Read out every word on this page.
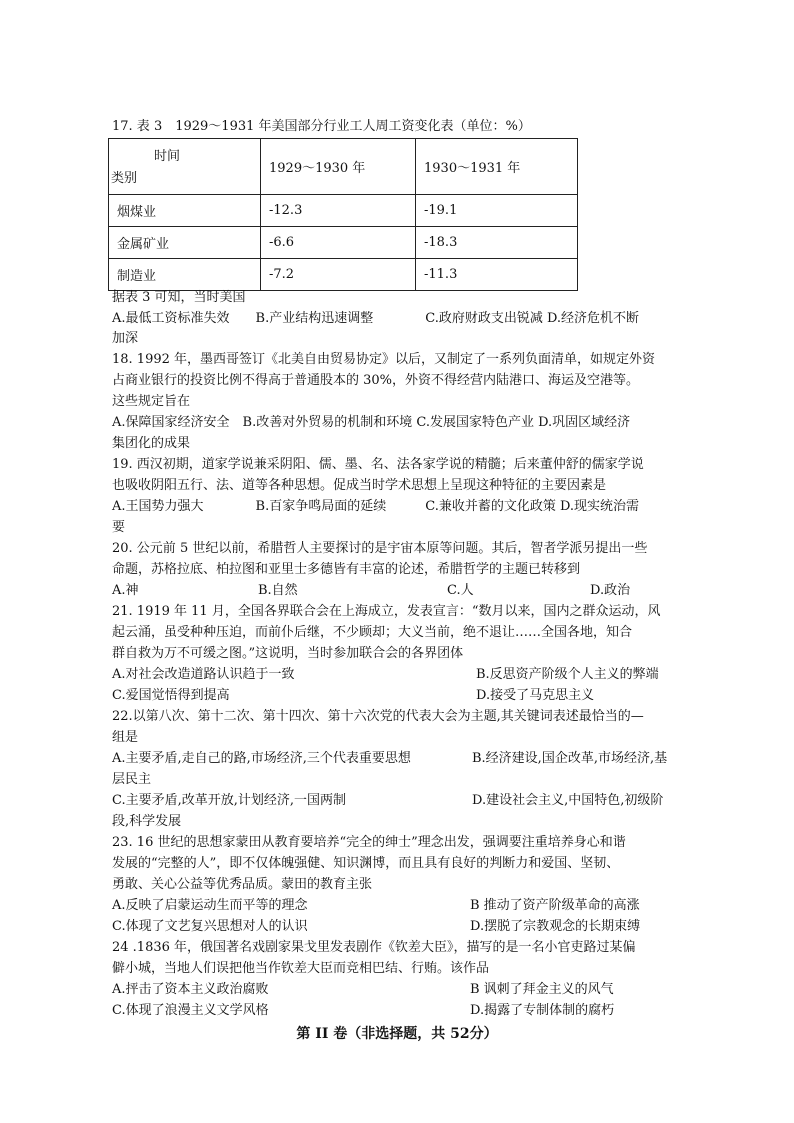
17. 表 3　1929～1931 年美国部分行业工人周工资变化表（单位：%）
时间
类别	1929～1930 年	1930～1931 年
烟煤业	-12.3	-19.1
金属矿业	-6.6	-18.3
制造业	-7.2	-11.3
据表 3 可知，当时美国
A.最低工资标准失效　　B.产业结构迅速调整　　　　C.政府财政支出锐减 D.经济危机不断
加深
18. 1992 年，墨西哥签订《北美自由贸易协定》以后，又制定了一系列负面清单，如规定外资
占商业银行的投资比例不得高于普通股本的 30%，外资不得经营内陆港口、海运及空港等。
这些规定旨在
A.保障国家经济安全　B.改善对外贸易的机制和环境 C.发展国家特色产业 D.巩固区域经济
集团化的成果
19. 西汉初期，道家学说兼采阴阳、儒、墨、名、法各家学说的精髓；后来董仲舒的儒家学说
也吸收阴阳五行、法、道等各种思想。促成当时学术思想上呈现这种特征的主要因素是
A.王国势力强大　　　　B.百家争鸣局面的延续　　　C.兼收并蓄的文化政策 D.现实统治需
要
20. 公元前 5 世纪以前，希腊哲人主要探讨的是宇宙本原等问题。其后，智者学派另提出一些
命题，苏格拉底、柏拉图和亚里士多德皆有丰富的论述，希腊哲学的主题已转移到
A.神	B.自然	C.人	D.政治
21. 1919 年 11 月，全国各界联合会在上海成立，发表宣言：“数月以来，国内之群众运动，风
起云涌，虽受种种压迫，而前仆后继，不少顾却；大义当前，绝不退让……全国各地，知合
群自救为万不可缓之图。”这说明，当时参加联合会的各界团体
A.对社会改造道路认识趋于一致	B.反思资产阶级个人主义的弊端
C.爱国觉悟得到提高	D.接受了马克思主义
22.以第八次、第十二次、第十四次、第十六次党的代表大会为主题,其关键词表述最恰当的—
组是
A.主要矛盾,走自己的路,市场经济,三个代表重要思想	B.经济建设,国企改革,市场经济,基
层民主
C.主要矛盾,改革开放,计划经济,一国两制	D.建设社会主义,中国特色,初级阶
段,科学发展
23. 16 世纪的思想家蒙田从教育要培养“完全的绅士”理念出发，强调要注重培养身心和谐
发展的“完整的人”，即不仅体魄强健、知识渊博，而且具有良好的判断力和爱国、坚韧、
勇敢、关心公益等优秀品质。蒙田的教育主张
A.反映了启蒙运动生而平等的理念	B 推动了资产阶级革命的高涨
C.体现了文艺复兴思想对人的认识	D.摆脱了宗教观念的长期束缚
24 .1836 年，俄国著名戏剧家果戈里发表剧作《钦差大臣》，描写的是一名小官吏路过某偏
僻小城，当地人们误把他当作钦差大臣而竞相巴结、行贿。该作品
A.抨击了资本主义政治腐败	B 讽刺了拜金主义的风气
C.体现了浪漫主义文学风格	D.揭露了专制体制的腐朽
第 II 卷（非选择题，共 52分）
